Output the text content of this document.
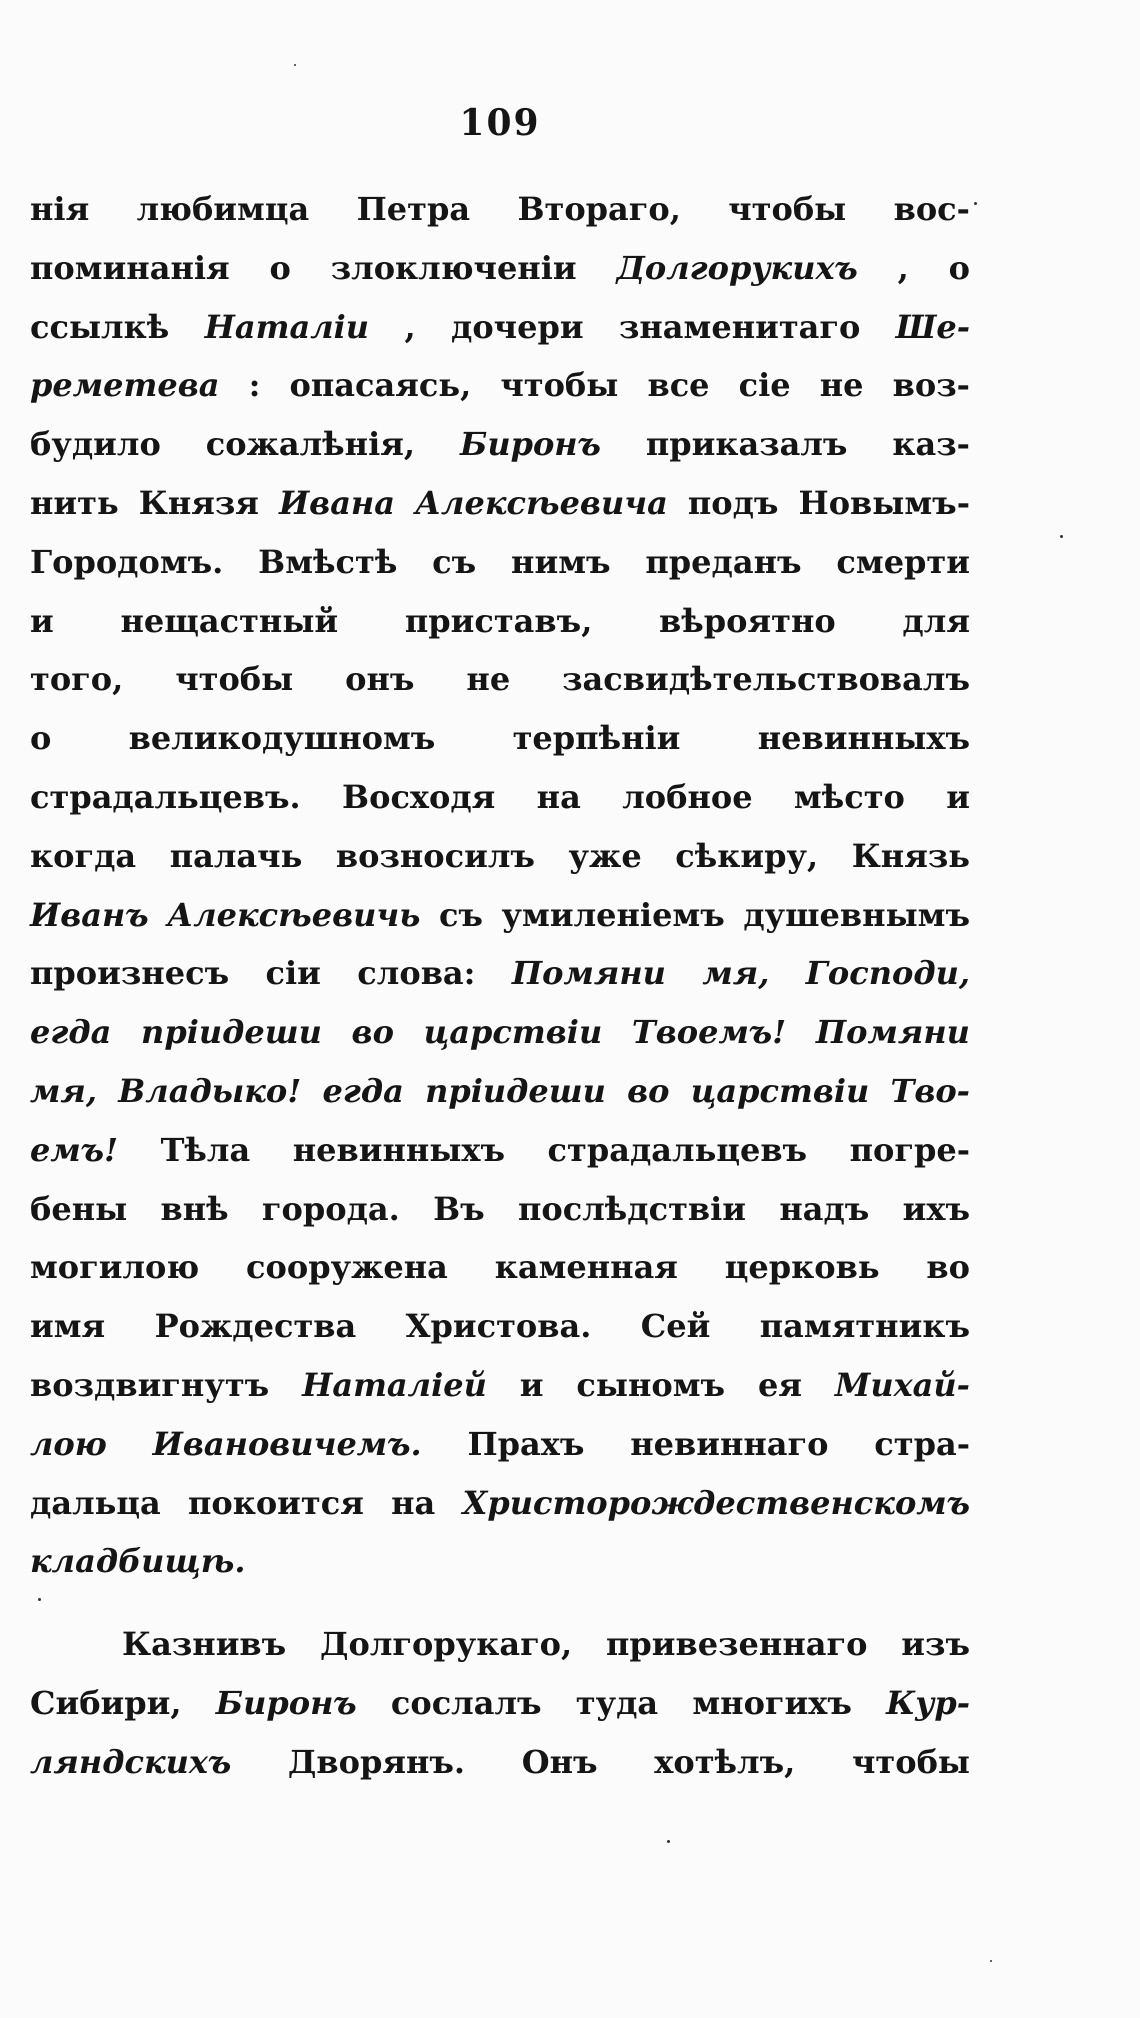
109
нія любимца Петра Втораго, чтобы вос-
поминанія о злоключеніи Долгорукихъ , о
ссылкѣ Наталіи , дочери знаменитаго Ше-
реметева : опасаясь, чтобы все сіе не воз-
будило сожалѣнія, Биронъ приказалъ каз-
нить Князя Ивана Алексѣевича подъ Новымъ-
Городомъ. Вмѣстѣ съ нимъ преданъ смерти
и нещастный приставъ, вѣроятно для
того, чтобы онъ не засвидѣтельствовалъ
о великодушномъ терпѣніи невинныхъ
страдальцевъ. Восходя на лобное мѣсто и
когда палачь возносилъ уже сѣкиру, Князь
Иванъ Алексѣевичь съ умиленіемъ душевнымъ
произнесъ сіи слова: Помяни мя, Господи,
егда пріидеши во царствіи Твоемъ! Помяни
мя, Владыко! егда пріидеши во царствіи Тво-
емъ! Тѣла невинныхъ страдальцевъ погре-
бены внѣ города. Въ послѣдствіи надъ ихъ
могилою сооружена каменная церковь во
имя Рождества Христова. Сей памятникъ
воздвигнутъ Наталіей и сыномъ ея Михай-
лою Ивановичемъ. Прахъ невиннаго стра-
дальца покоится на Христорождественскомъ
кладбищѣ.
Казнивъ Долгорукаго, привезеннаго изъ
Сибири, Биронъ сослалъ туда многихъ Кур-
ляндскихъ Дворянъ. Онъ хотѣлъ, чтобы
